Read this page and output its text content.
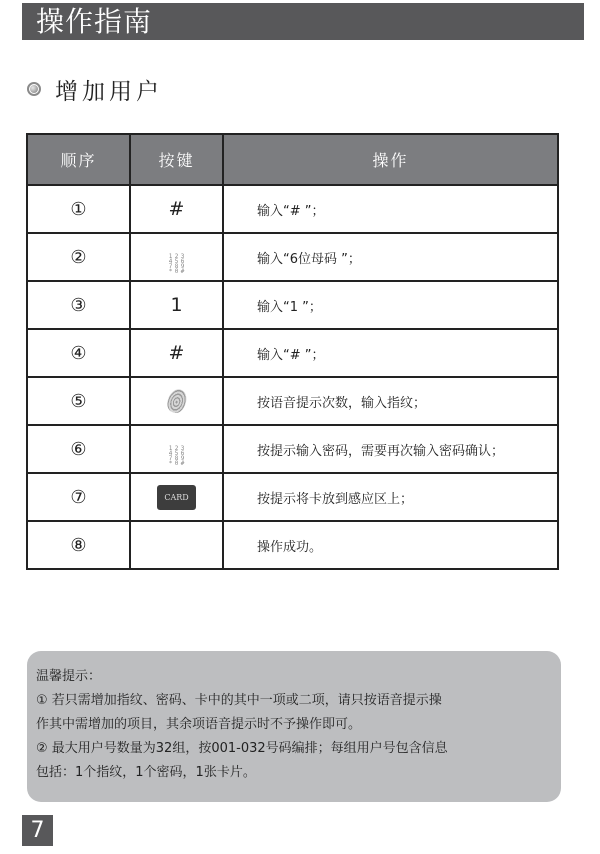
操作指南
增加用户
顺序	按键	操作
①	#	输入“# ”；
②	1 2 3
4 5 6
7 8 9
* 0 #
	输入“6位母码 ”；
③	1	输入“1 ”；
④	#	输入“# ”；
⑤		按语音提示次数，输入指纹；
⑥	1 2 3
4 5 6
7 8 9
* 0 #
	按提示输入密码，需要再次输入密码确认；
⑦	CARD	按提示将卡放到感应区上；
⑧		操作成功。
温馨提示：
① 若只需增加指纹、密码、卡中的其中一项或二项，请只按语音提示操
作其中需增加的项目，其余项语音提示时不予操作即可。
② 最大用户号数量为32组，按001-032号码编排；每组用户号包含信息
包括：1个指纹，1个密码，1张卡片。
7
